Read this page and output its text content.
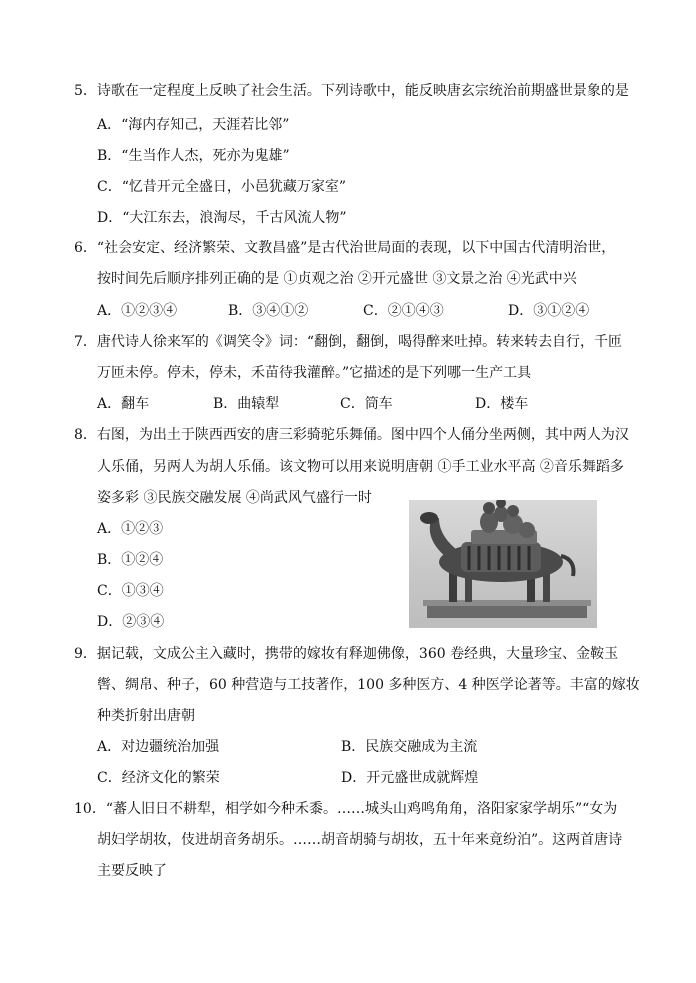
5．诗歌在一定程度上反映了社会生活。下列诗歌中，能反映唐玄宗统治前期盛世景象的是
A．“海内存知己，天涯若比邻”
B．“生当作人杰，死亦为鬼雄”
C．“忆昔开元全盛日，小邑犹藏万家室”
D．“大江东去，浪淘尽，千古风流人物”
6．“社会安定、经济繁荣、文教昌盛”是古代治世局面的表现，以下中国古代清明治世，
按时间先后顺序排列正确的是 ①贞观之治 ②开元盛世 ③文景之治 ④光武中兴
A．①②③④	B．③④①②	C．②①④③	D．③①②④
7．唐代诗人徐来军的《调笑令》词：“翻倒，翻倒，喝得醉来吐掉。转来转去自行，千匝
万匝未停。停未，停未，禾苗待我灌醉。”它描述的是下列哪一生产工具
A．翻车	B．曲辕犁	C．筒车	D．楼车
8．右图，为出土于陕西西安的唐三彩骑驼乐舞俑。图中四个人俑分坐两侧，其中两人为汉
人乐俑，另两人为胡人乐俑。该文物可以用来说明唐朝 ①手工业水平高 ②音乐舞蹈多
姿多彩 ③民族交融发展 ④尚武风气盛行一时
A．①②③
B．①②④
C．①③④
D．②③④
9．据记载，文成公主入藏时，携带的嫁妆有释迦佛像，360 卷经典，大量珍宝、金鞍玉
辔、绸帛、种子，60 种营造与工技著作，100 多种医方、4 种医学论著等。丰富的嫁妆
种类折射出唐朝
A．对边疆统治加强	B．民族交融成为主流
C．经济文化的繁荣	D．开元盛世成就辉煌
10．“蕃人旧日不耕犁，相学如今种禾黍。……城头山鸡鸣角角，洛阳家家学胡乐”“女为
胡妇学胡妆，伎进胡音务胡乐。……胡音胡骑与胡妆，五十年来竟纷泊”。这两首唐诗
主要反映了
